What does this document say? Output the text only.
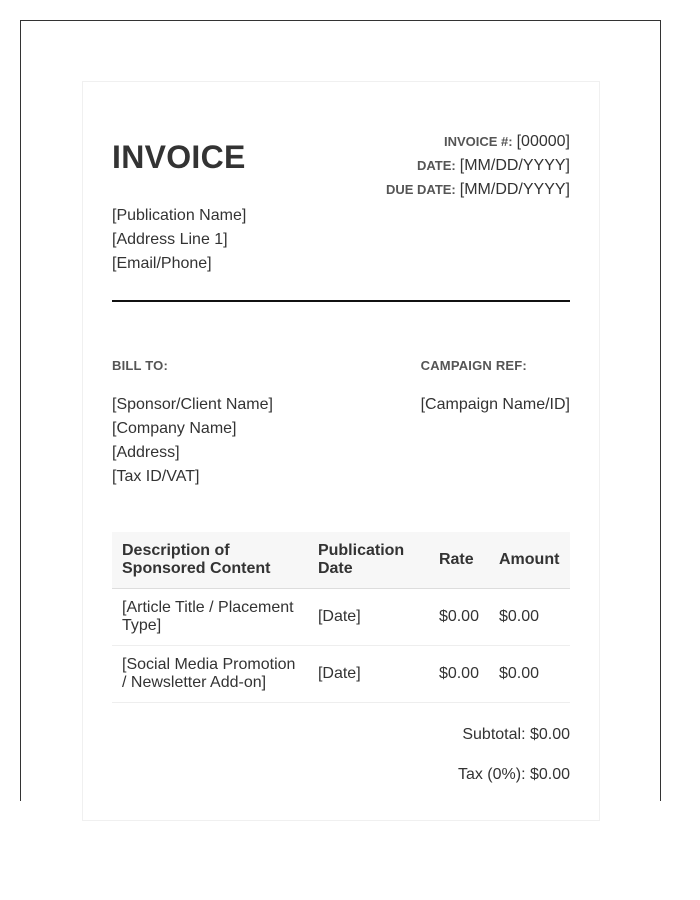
INVOICE	INVOICE #: [00000]
DATE: [MM/DD/YYYY]
DUE DATE: [MM/DD/YYYY]
[Publication Name]
[Address Line 1]
[Email/Phone]
BILL TO:
[Sponsor/Client Name]
[Company Name]
[Address]
[Tax ID/VAT]
CAMPAIGN REF:
[Campaign Name/ID]
Description of Sponsored Content	Publication Date	Rate	Amount
[Article Title / Placement Type]	[Date]	$0.00	$0.00
[Social Media Promotion / Newsletter Add-on]	[Date]	$0.00	$0.00
Subtotal: $0.00
Tax (0%): $0.00
